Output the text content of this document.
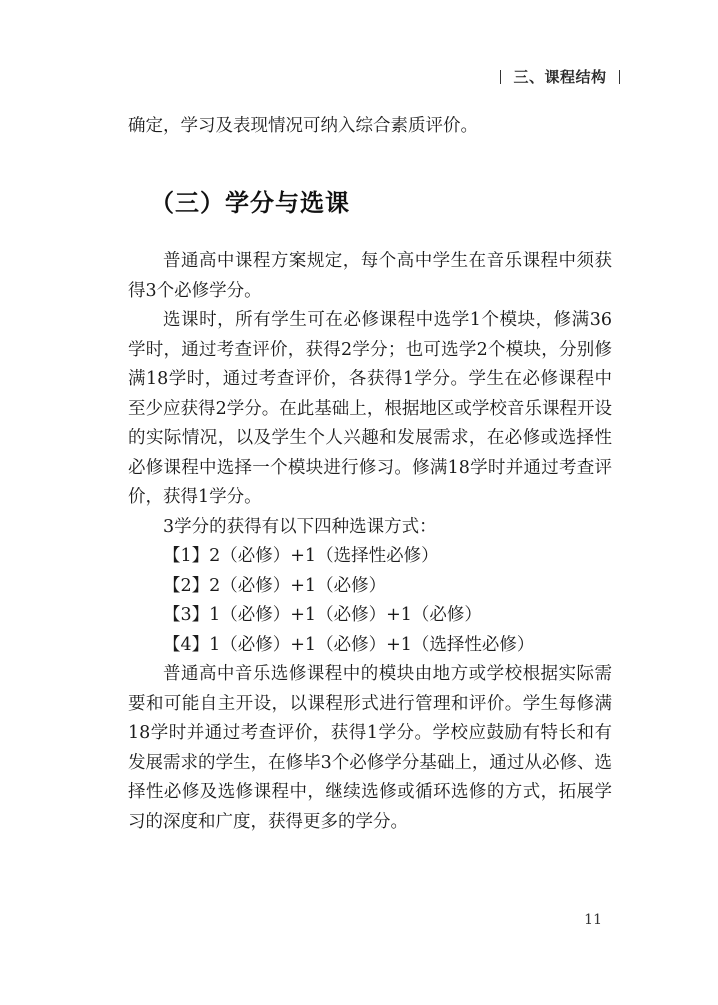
三、课程结构

确定，学习及表现情况可纳入综合素质评价。

（三）学分与选课

普通高中课程方案规定，每个高中学生在音乐课程中须获得3个必修学分。

选课时，所有学生可在必修课程中选学1个模块，修满36学时，通过考查评价，获得2学分；也可选学2个模块，分别修满18学时，通过考查评价，各获得1学分。学生在必修课程中至少应获得2学分。在此基础上，根据地区或学校音乐课程开设的实际情况，以及学生个人兴趣和发展需求，在必修或选择性必修课程中选择一个模块进行修习。修满18学时并通过考查评价，获得1学分。

3学分的获得有以下四种选课方式：

【1】2（必修）+1（选择性必修）

【2】2（必修）+1（必修）

【3】1（必修）+1（必修）+1（必修）

【4】1（必修）+1（必修）+1（选择性必修）

普通高中音乐选修课程中的模块由地方或学校根据实际需要和可能自主开设，以课程形式进行管理和评价。学生每修满18学时并通过考查评价，获得1学分。学校应鼓励有特长和有发展需求的学生，在修毕3个必修学分基础上，通过从必修、选择性必修及选修课程中，继续选修或循环选修的方式，拓展学习的深度和广度，获得更多的学分。

11
